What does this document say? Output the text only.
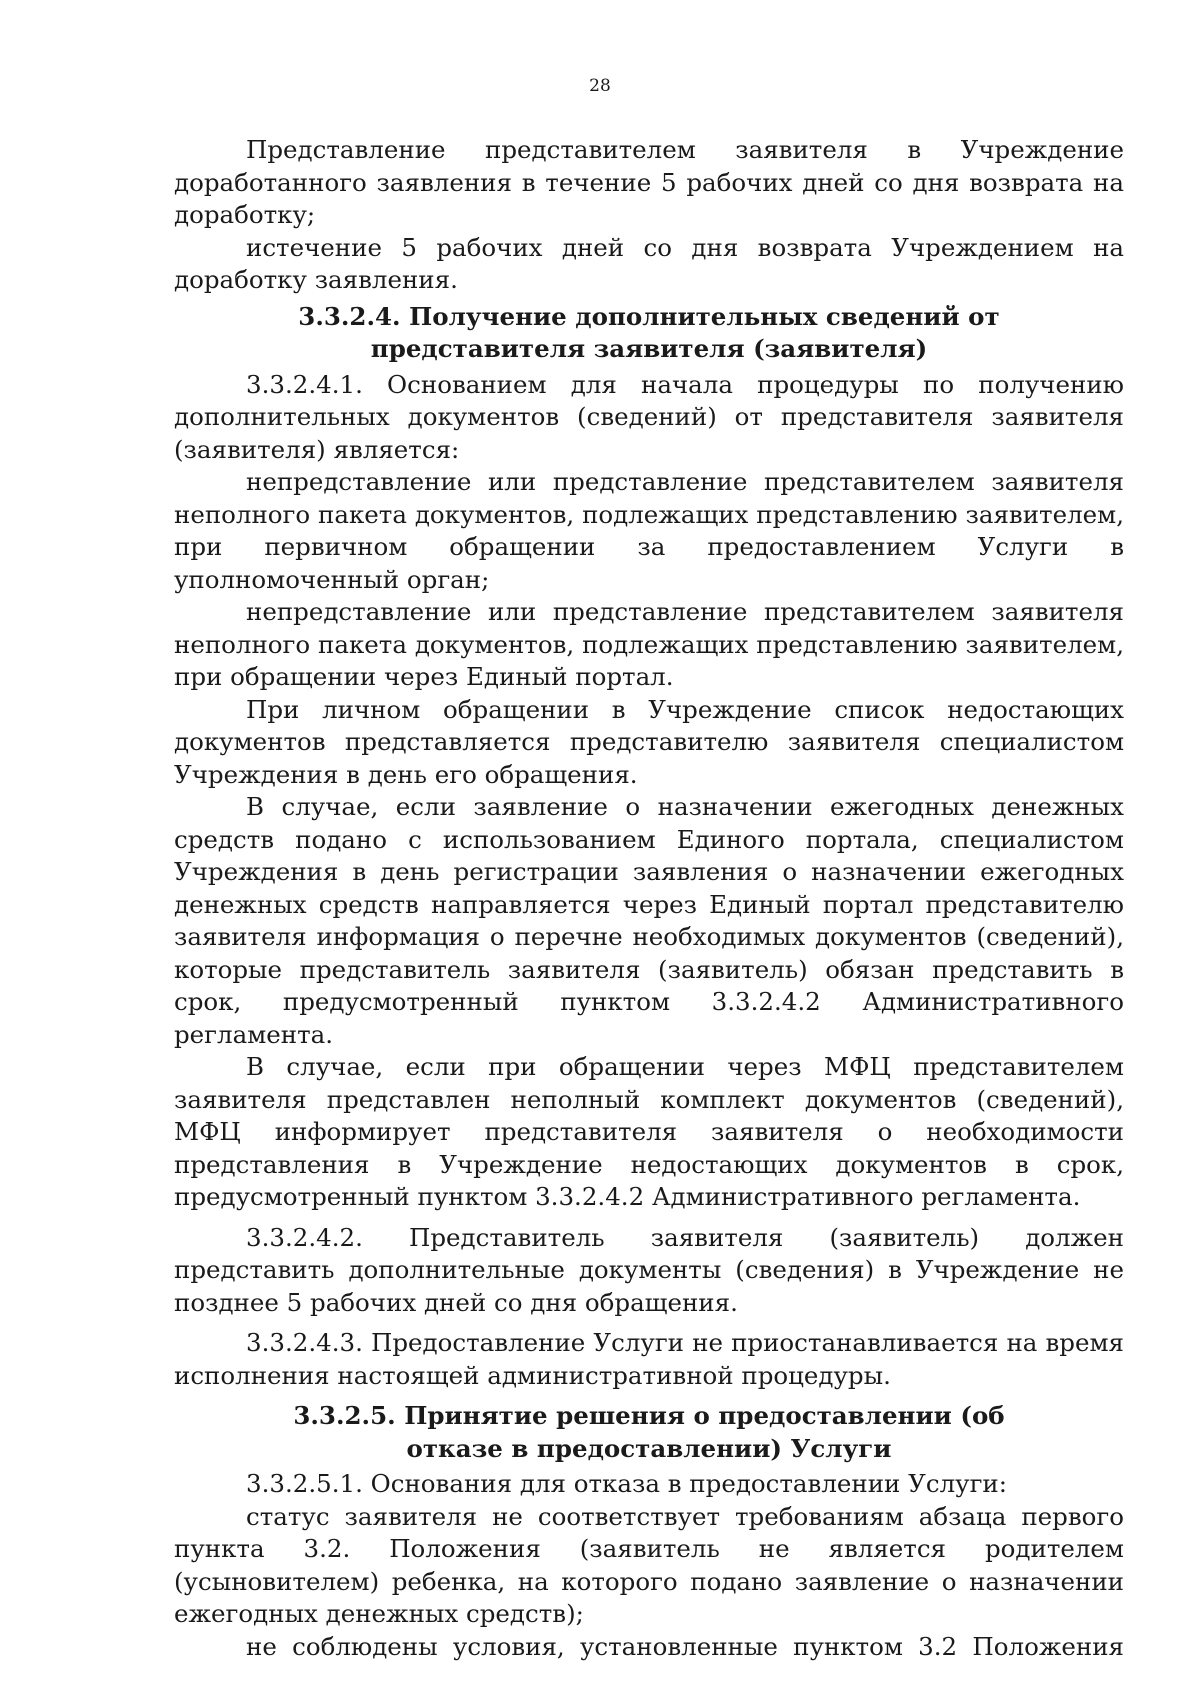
28

Представление представителем заявителя в Учреждение доработанного заявления в течение 5 рабочих дней со дня возврата на доработку;

истечение 5 рабочих дней со дня возврата Учреждением на доработку заявления.

3.3.2.4. Получение дополнительных сведений от представителя заявителя (заявителя)

3.3.2.4.1. Основанием для начала процедуры по получению дополнительных документов (сведений) от представителя заявителя (заявителя) является:

непредставление или представление представителем заявителя неполного пакета документов, подлежащих представлению заявителем, при первичном обращении за предоставлением Услуги в уполномоченный орган;

непредставление или представление представителем заявителя неполного пакета документов, подлежащих представлению заявителем, при обращении через Единый портал.

При личном обращении в Учреждение список недостающих документов представляется представителю заявителя специалистом Учреждения в день его обращения.

В случае, если заявление о назначении ежегодных денежных средств подано с использованием Единого портала, специалистом Учреждения в день регистрации заявления о назначении ежегодных денежных средств направляется через Единый портал представителю заявителя информация о перечне необходимых документов (сведений), которые представитель заявителя (заявитель) обязан представить в срок, предусмотренный пунктом 3.3.2.4.2 Административного регламента.

В случае, если при обращении через МФЦ представителем заявителя представлен неполный комплект документов (сведений), МФЦ информирует представителя заявителя о необходимости представления в Учреждение недостающих документов в срок, предусмотренный пунктом 3.3.2.4.2 Административного регламента.

3.3.2.4.2. Представитель заявителя (заявитель) должен представить дополнительные документы (сведения) в Учреждение не позднее 5 рабочих дней со дня обращения.

3.3.2.4.3. Предоставление Услуги не приостанавливается на время исполнения настоящей административной процедуры.

3.3.2.5. Принятие решения о предоставлении (об отказе в предоставлении) Услуги

3.3.2.5.1. Основания для отказа в предоставлении Услуги:

статус заявителя не соответствует требованиям абзаца первого пункта 3.2. Положения (заявитель не является родителем (усыновителем) ребенка, на которого подано заявление о назначении ежегодных денежных средств);

не соблюдены условия, установленные пунктом 3.2 Положения
